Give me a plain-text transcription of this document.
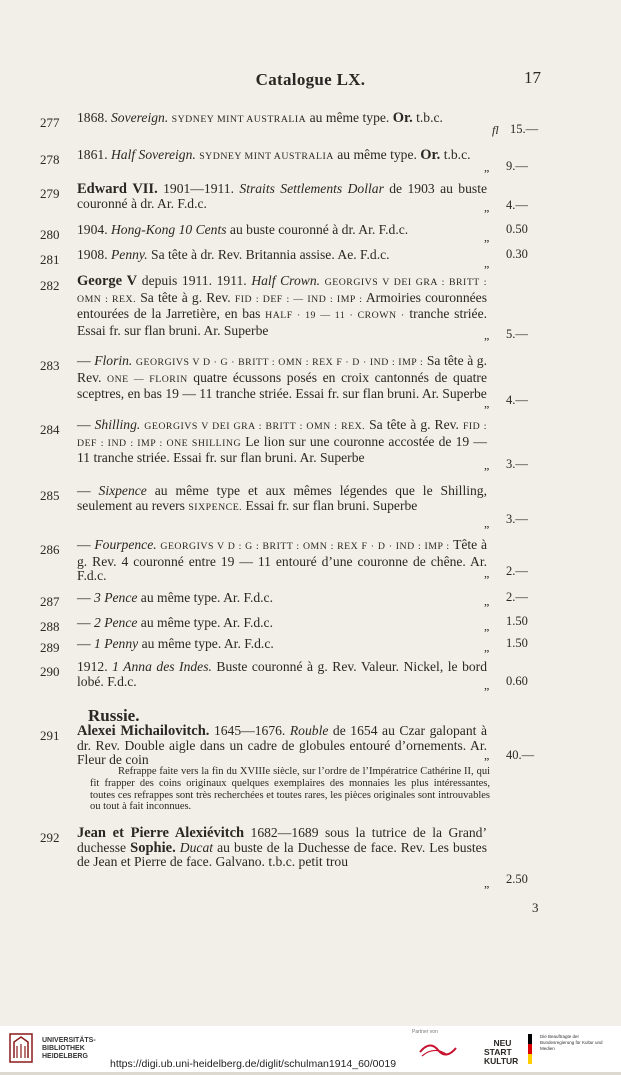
Catalogue LX.	17
277	1868. Sovereign. SYDNEY MINT AUSTRALIA au même type. Or. t.b.c.
fl 15.—
278	1861. Half Sovereign. SYDNEY MINT AUSTRALIA au même type. Or. t.b.c.
„ 9.—
279	Edward VII. 1901—1911. Straits Settlements Dollar de 1903 au buste couronné à dr. Ar. F.d.c.	„ 4.—
280	1904. Hong-Kong 10 Cents au buste couronné à dr. Ar. F.d.c.	„
0.50
281	1908. Penny. Sa tête à dr. Rev. Britannia assise. Ae. F.d.c.
„
0.30
282	George V depuis 1911. 1911. Half Crown. GEORGIVS V DEI GRA : BRITT : OMN : REX. Sa tête à g. Rev. FID : DEF : — IND : IMP : Armoiries couronnées entourées de la Jarretière, en bas HALF · 19 — 11 · CROWN · tranche striée. Essai fr. sur flan bruni. Ar. Superbe	„ 5.—
283	— Florin. GEORGIVS V D · G · BRITT : OMN : REX F · D · IND : IMP : Sa tête à g. Rev. ONE — FLORIN quatre écussons posés en croix cantonnés de quatre sceptres, en bas 19 — 11 tranche striée. Essai fr. sur flan bruni. Ar. Superbe
„ 4.—
284	— Shilling. GEORGIVS V DEI GRA : BRITT : OMN : REX. Sa tête à g. Rev. FID : DEF : IND : IMP : ONE SHILLING Le lion sur une couronne accostée de 19 — 11 tranche striée. Essai fr. sur flan bruni. Ar. Superbe	„ 3.—
285	— Sixpence au même type et aux mêmes légendes que le Shilling, seulement au revers SIXPENCE. Essai fr. sur flan bruni. Superbe
„ 3.—
286	— Fourpence. GEORGIVS V D : G : BRITT : OMN : REX F · D · IND : IMP : Tête à g. Rev. 4 couronné entre 19 — 11 entouré d’une couronne de chêne. Ar. F.d.c.	„ 2.—
287	— 3 Pence au même type. Ar. F.d.c.	„ 2.—
288	— 2 Pence au même type. Ar. F.d.c.	„ 1.50
289	— 1 Penny au même type. Ar. F.d.c.	„ 1.50
290	1912. 1 Anna des Indes. Buste couronné à g. Rev. Valeur. Nickel, le bord lobé. F.d.c.	„ 0.60
291	Alexei Michailovitch. 1645—1676. Rouble de 1654 au Czar galopant à dr. Rev. Double aigle dans un cadre de globules entouré d’ornements. Ar. Fleur de coin	„ 40.—
292	Jean et Pierre Alexiévitch 1682—1689 sous la tutrice de la Grand’ duchesse Sophie. Ducat au buste de la Duchesse de face. Rev. Les bustes de Jean et Pierre de face. Galvano. t.b.c. petit trou
„ 2.50
Russie.
Refrappe faite vers la fin du XVIIIe siècle, sur l’ordre de l’Impératrice Cathérine II, qui fit frapper des coins originaux quelques exemplaires des monnaies les plus intéressantes, toutes ces refrappes sont très recherchées et toutes rares, les pièces originales sont introuvables ou tout à fait inconnues.
3
UNIVERSITÄTS-
BIBLIOTHEK
HEIDELBERG
https://digi.ub.uni-heidelberg.de/diglit/schulman1914_60/0019
Partner von

NEU
START
KULTUR

Die Beauftragte der Bundesregierung für Kultur und Medien
